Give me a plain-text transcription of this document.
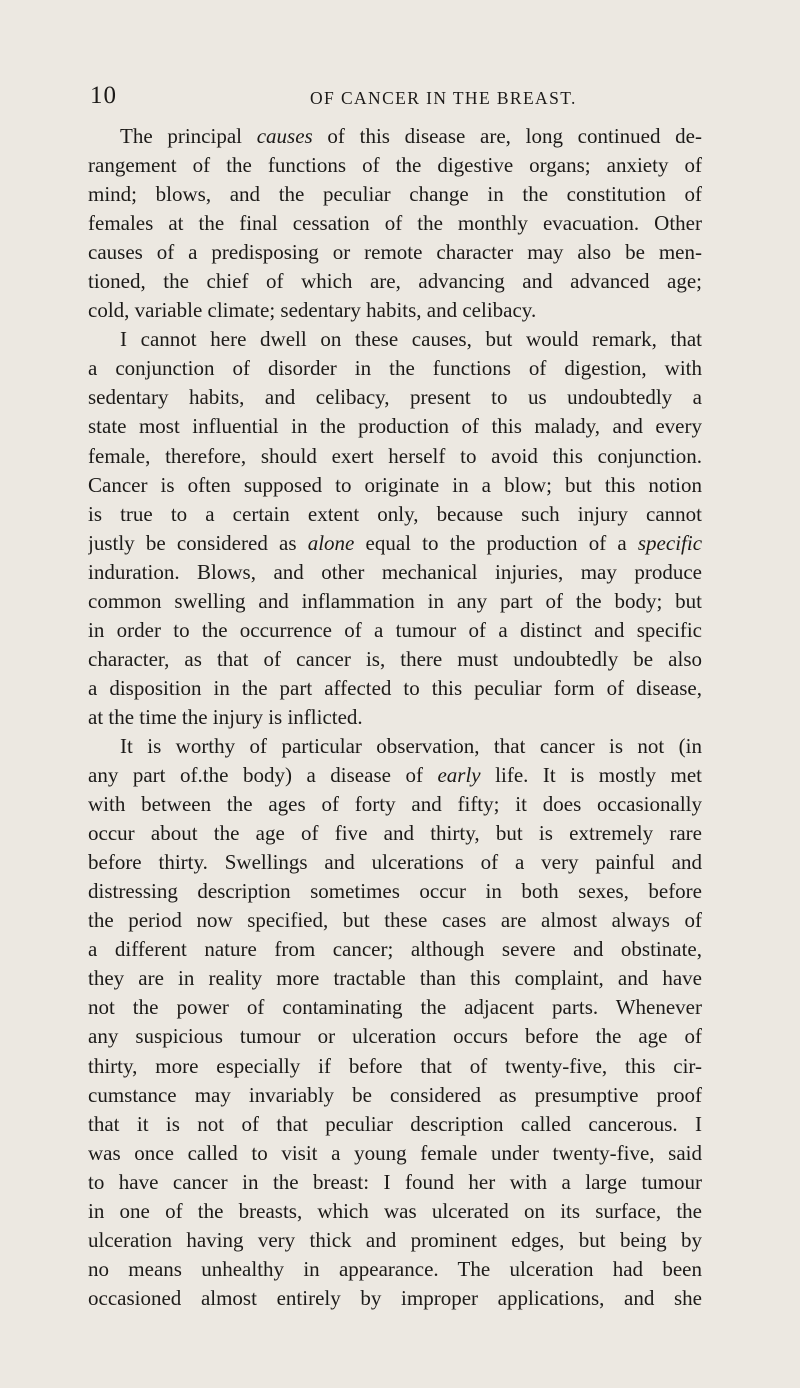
10	OF CANCER IN THE BREAST.
The principal causes of this disease are, long continued de-
rangement of the functions of the digestive organs; anxiety of
mind; blows, and the peculiar change in the constitution of
females at the final cessation of the monthly evacuation. Other
causes of a predisposing or remote character may also be men-
tioned, the chief of which are, advancing and advanced age;
cold, variable climate; sedentary habits, and celibacy.
I cannot here dwell on these causes, but would remark, that
a conjunction of disorder in the functions of digestion, with
sedentary habits, and celibacy, present to us undoubtedly a
state most influential in the production of this malady, and every
female, therefore, should exert herself to avoid this conjunction.
Cancer is often supposed to originate in a blow; but this notion
is true to a certain extent only, because such injury cannot
justly be considered as alone equal to the production of a specific
induration. Blows, and other mechanical injuries, may produce
common swelling and inflammation in any part of the body; but
in order to the occurrence of a tumour of a distinct and specific
character, as that of cancer is, there must undoubtedly be also
a disposition in the part affected to this peculiar form of disease,
at the time the injury is inflicted.
It is worthy of particular observation, that cancer is not (in
any part of.the body) a disease of early life. It is mostly met
with between the ages of forty and fifty; it does occasionally
occur about the age of five and thirty, but is extremely rare
before thirty. Swellings and ulcerations of a very painful and
distressing description sometimes occur in both sexes, before
the period now specified, but these cases are almost always of
a different nature from cancer; although severe and obstinate,
they are in reality more tractable than this complaint, and have
not the power of contaminating the adjacent parts. Whenever
any suspicious tumour or ulceration occurs before the age of
thirty, more especially if before that of twenty-five, this cir-
cumstance may invariably be considered as presumptive proof
that it is not of that peculiar description called cancerous. I
was once called to visit a young female under twenty-five, said
to have cancer in the breast: I found her with a large tumour
in one of the breasts, which was ulcerated on its surface, the
ulceration having very thick and prominent edges, but being by
no means unhealthy in appearance. The ulceration had been
occasioned almost entirely by improper applications, and she
